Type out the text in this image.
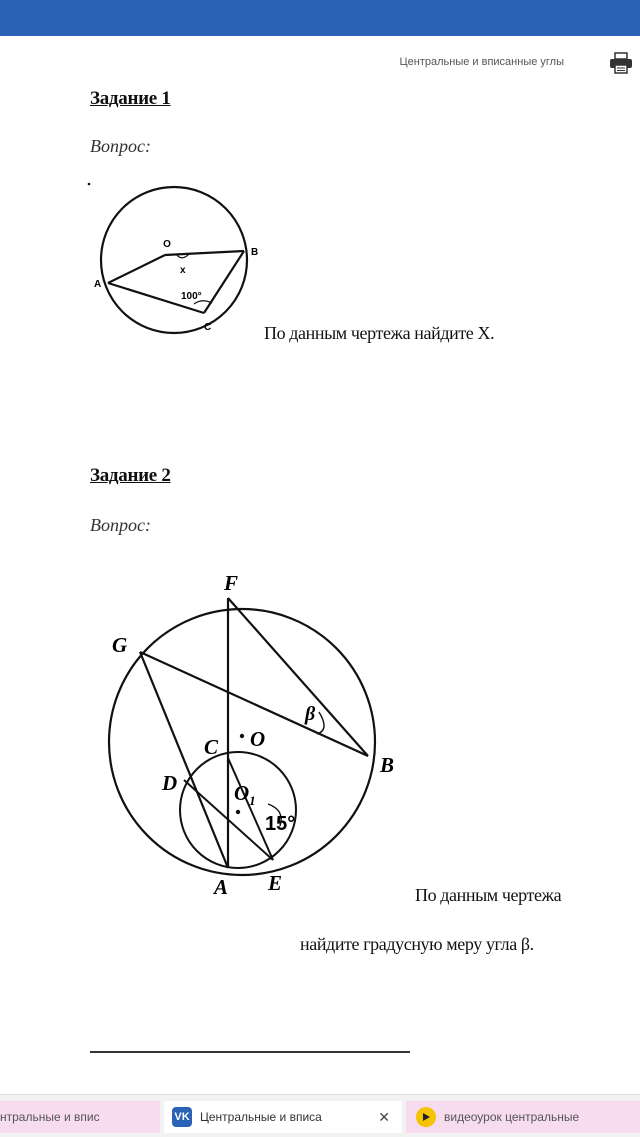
Центральные и вписанные углы
Задание 1
Вопрос:
O
B
A
C
x
100°
По данным чертежа найдите X.
Задание 2
Вопрос:
F
G
C O
B
D	$O_1$
15°
β
A E	По данным чертежа
найдите градусную меру угла β.
нтральные и впис	VK Центральные и вписа	✕	видеоурок центральные
